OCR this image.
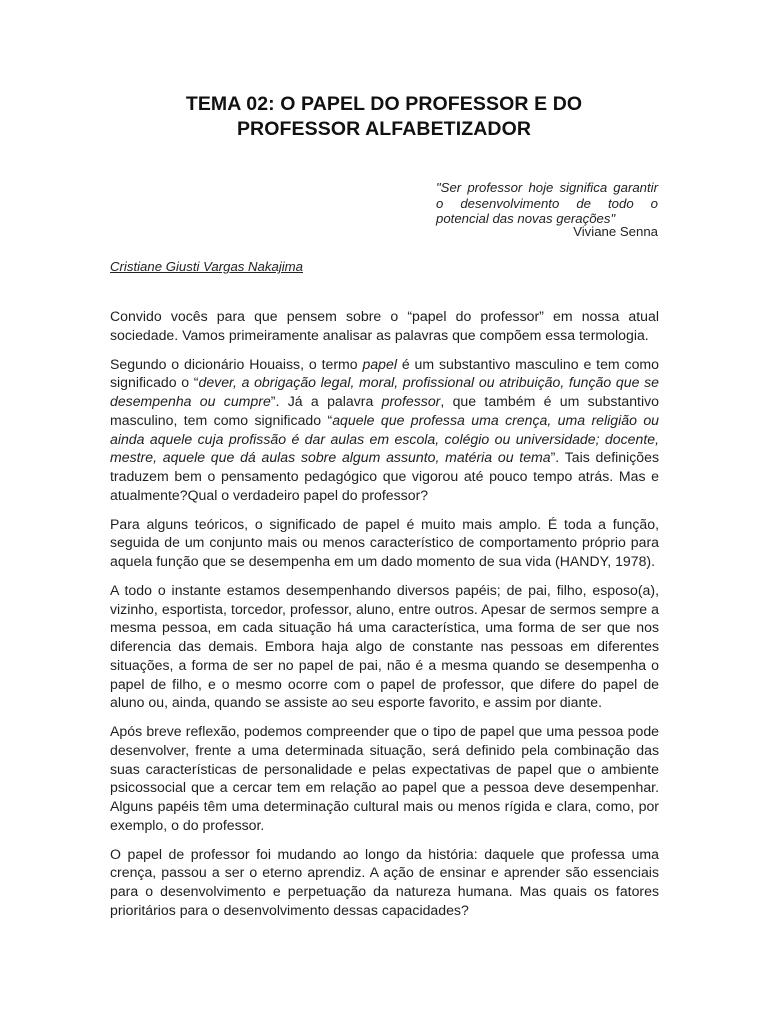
TEMA 02: O PAPEL DO PROFESSOR E DO
PROFESSOR ALFABETIZADOR
"Ser professor hoje significa garantir o desenvolvimento de todo o potencial das novas gerações"
Viviane Senna
Cristiane Giusti Vargas Nakajima

Convido vocês para que pensem sobre o “papel do professor” em nossa atual sociedade. Vamos primeiramente analisar as palavras que compõem essa termologia.

Segundo o dicionário Houaiss, o termo papel é um substantivo masculino e tem como significado o “dever, a obrigação legal, moral, profissional ou atribuição, função que se desempenha ou cumpre”. Já a palavra professor, que também é um substantivo masculino, tem como significado “aquele que professa uma crença, uma religião ou ainda aquele cuja profissão é dar aulas em escola, colégio ou universidade; docente, mestre, aquele que dá aulas sobre algum assunto, matéria ou tema”. Tais definições traduzem bem o pensamento pedagógico que vigorou até pouco tempo atrás. Mas e atualmente?Qual o verdadeiro papel do professor?

Para alguns teóricos, o significado de papel é muito mais amplo. É toda a função, seguida de um conjunto mais ou menos característico de comportamento próprio para aquela função que se desempenha em um dado momento de sua vida (HANDY, 1978).

A todo o instante estamos desempenhando diversos papéis; de pai, filho, esposo(a), vizinho, esportista, torcedor, professor, aluno, entre outros. Apesar de sermos sempre a mesma pessoa, em cada situação há uma característica, uma forma de ser que nos diferencia das demais. Embora haja algo de constante nas pessoas em diferentes situações, a forma de ser no papel de pai, não é a mesma quando se desempenha o papel de filho, e o mesmo ocorre com o papel de professor, que difere do papel de aluno ou, ainda, quando se assiste ao seu esporte favorito, e assim por diante.

Após breve reflexão, podemos compreender que o tipo de papel que uma pessoa pode desenvolver, frente a uma determinada situação, será definido pela combinação das suas características de personalidade e pelas expectativas de papel que o ambiente psicossocial que a cercar tem em relação ao papel que a pessoa deve desempenhar. Alguns papéis têm uma determinação cultural mais ou menos rígida e clara, como, por exemplo, o do professor.

O papel de professor foi mudando ao longo da história: daquele que professa uma crença, passou a ser o eterno aprendiz. A ação de ensinar e aprender são essenciais para o desenvolvimento e perpetuação da natureza humana. Mas quais os fatores prioritários para o desenvolvimento dessas capacidades?
